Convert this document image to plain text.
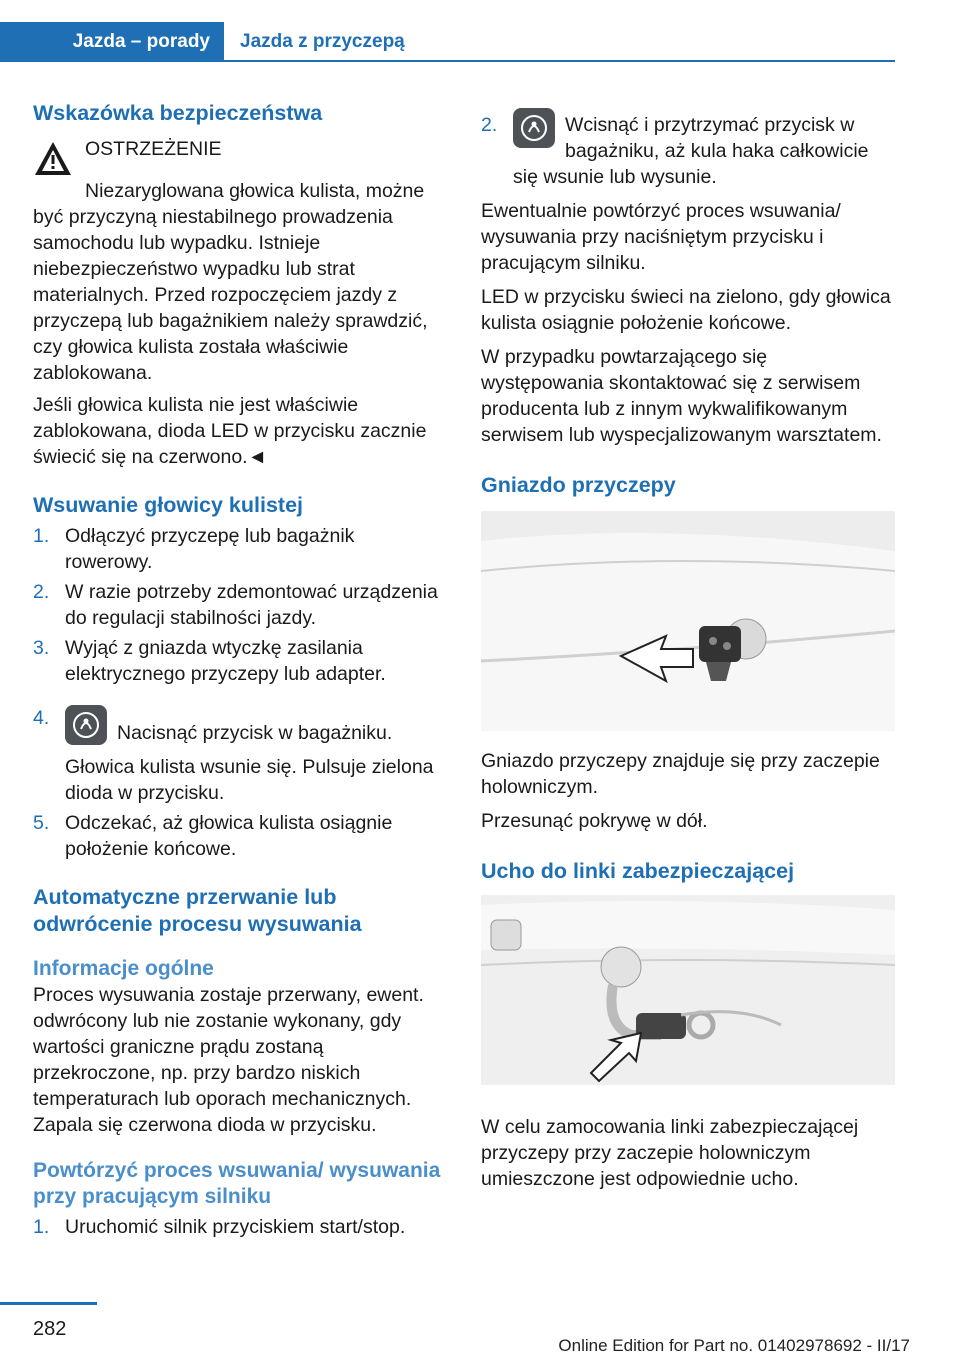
Jazda – porady	Jazda z przyczepą
Wskazówka bezpieczeństwa

OSTRZEŻENIE

Niezaryglowana głowica kulista, możne być przyczyną niestabilnego prowadzenia samochodu lub wypadku. Istnieje niebezpieczeństwo wypadku lub strat materialnych. Przed rozpoczęciem jazdy z przyczepą lub bagażnikiem należy sprawdzić, czy głowica kulista została właściwie zablokowana.

Jeśli głowica kulista nie jest właściwie zablokowana, dioda LED w przycisku zacznie świecić się na czerwono.◄

Wsuwanie głowicy kulistej
1. Odłączyć przyczepę lub bagażnik rowerowy.
2. W razie potrzeby zdemontować urządzenia do regulacji stabilności jazdy.
3. Wyjąć z gniazda wtyczkę zasilania elektrycznego przyczepy lub adapter.
4.
Nacisnąć przycisk w bagażniku.
Głowica kulista wsunie się. Pulsuje zielona dioda w przycisku.
5. Odczekać, aż głowica kulista osiągnie położenie końcowe.
Automatyczne przerwanie lub odwrócenie procesu wysuwania
Informacje ogólne

Proces wysuwania zostaje przerwany, ewent. odwrócony lub nie zostanie wykonany, gdy wartości graniczne prądu zostaną przekroczone, np. przy bardzo niskich temperaturach lub oporach mechanicznych. Zapala się czerwona dioda w przycisku.

Powtórzyć proces wsuwania/ wysuwania przy pracującym silniku
1. Uruchomić silnik przyciskiem start/stop.
2.	Wcisnąć i przytrzymać przycisk w bagażniku, aż kula haka całkowicie się wsunie lub wysunie.

Ewentualnie powtórzyć proces wsuwania/ wysuwania przy naciśniętym przycisku i pracującym silniku.

LED w przycisku świeci na zielono, gdy głowica kulista osiągnie położenie końcowe.

W przypadku powtarzającego się występowania skontaktować się z serwisem producenta lub z innym wykwalifikowanym serwisem lub wyspecjalizowanym warsztatem.

Gniazdo przyczepy

Gniazdo przyczepy znajduje się przy zaczepie holowniczym.

Przesunąć pokrywę w dół.

Ucho do linki zabezpieczającej

W celu zamocowania linki zabezpieczającej przyczepy przy zaczepie holowniczym umieszczone jest odpowiednie ucho.

282
Online Edition for Part no. 01402978692 - II/17
